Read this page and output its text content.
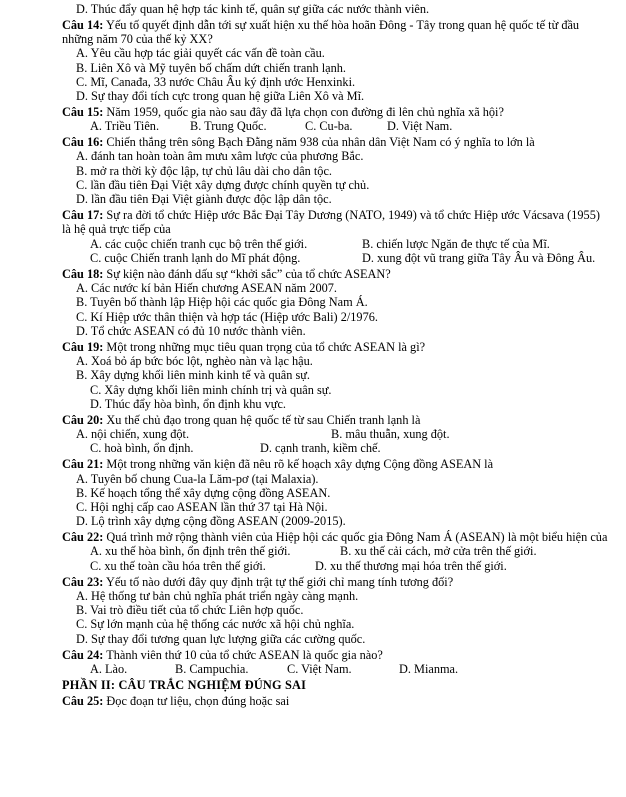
D. Thúc đẩy quan hệ hợp tác kinh tế, quân sự giữa các nước thành viên.
Câu 14: Yếu tố quyết định dẫn tới sự xuất hiện xu thế hòa hoãn Đông - Tây trong quan hệ quốc tế từ đầu những năm 70 của thế kỷ XX?
A. Yêu cầu hợp tác giải quyết các vấn đề toàn cầu.
B. Liên Xô và Mỹ tuyên bố chấm dứt chiến tranh lạnh.
C. Mĩ, Canađa, 33 nước Châu Âu ký định ước Henxinki.
D. Sự thay đổi tích cực trong quan hệ giữa Liên Xô và Mĩ.
Câu 15: Năm 1959, quốc gia nào sau đây đã lựa chọn con đường đi lên chủ nghĩa xã hội?
A. Triều Tiên.	B. Trung Quốc.	C. Cu-ba.	D. Việt Nam.
Câu 16: Chiến thắng trên sông Bạch Đằng năm 938 của nhân dân Việt Nam có ý nghĩa to lớn là
A. đánh tan hoàn toàn âm mưu xâm lược của phương Bắc.
B. mở ra thời kỳ độc lập, tự chủ lâu dài cho dân tộc.
C. lần đầu tiên Đại Việt xây dựng được chính quyền tự chủ.
D. lần đầu tiên Đại Việt giành được độc lập dân tộc.
Câu 17: Sự ra đời tổ chức Hiệp ước Bắc Đại Tây Dương (NATO, 1949) và tổ chức Hiệp ước Vácsava (1955) là hệ quả trực tiếp của
A. các cuộc chiến tranh cục bộ trên thế giới.	B. chiến lược Ngăn đe thực tế của Mĩ.
C. cuộc Chiến tranh lạnh do Mĩ phát động.	D. xung đột vũ trang giữa Tây Âu và Đông Âu.
Câu 18: Sự kiện nào đánh dấu sự “khởi sắc” của tổ chức ASEAN?
A. Các nước kí bản Hiến chương ASEAN năm 2007.
B. Tuyên bố thành lập Hiệp hội các quốc gia Đông Nam Á.
C. Kí Hiệp ước thân thiện và hợp tác (Hiệp ước Bali) 2/1976.
D. Tổ chức ASEAN có đủ 10 nước thành viên.
Câu 19: Một trong những mục tiêu quan trọng của tổ chức ASEAN là gì?
A. Xoá bỏ áp bức bóc lột, nghèo nàn và lạc hậu.
B. Xây dựng khối liên minh kinh tế và quân sự.
C. Xây dựng khối liên minh chính trị và quân sự.
D. Thúc đẩy hòa bình, ổn định khu vực.
Câu 20: Xu thế chủ đạo trong quan hệ quốc tế từ sau Chiến tranh lạnh là
A. nội chiến, xung đột.	B. mâu thuẫn, xung đột.
C. hoà bình, ổn định.	D. cạnh tranh, kiềm chế.
Câu 21: Một trong những văn kiện đã nêu rõ kế hoạch xây dựng Cộng đồng ASEAN là
A. Tuyên bố chung Cua-la Lăm-pơ (tại Malaxia).
B. Kế hoạch tổng thể xây dựng cộng đồng ASEAN.
C. Hội nghị cấp cao ASEAN lần thứ 37 tại Hà Nội.
D. Lộ trình xây dựng cộng đồng ASEAN (2009-2015).
Câu 22: Quá trình mở rộng thành viên của Hiệp hội các quốc gia Đông Nam Á (ASEAN) là một biểu hiện của
A. xu thế hòa bình, ổn định trên thế giới.	B. xu thế cải cách, mở cửa trên thế giới.
C. xu thế toàn cầu hóa trên thế giới.	D. xu thế thương mại hóa trên thế giới.
Câu 23: Yếu tố nào dưới đây quy định trật tự thế giới chỉ mang tính tương đối?
A. Hệ thống tư bản chủ nghĩa phát triển ngày càng mạnh.
B. Vai trò điều tiết của tổ chức Liên hợp quốc.
C. Sự lớn mạnh của hệ thống các nước xã hội chủ nghĩa.
D. Sự thay đổi tương quan lực lượng giữa các cường quốc.
Câu 24: Thành viên thứ 10 của tổ chức ASEAN là quốc gia nào?
A. Lào.	B. Campuchia.	C. Việt Nam.	D. Mianma.
PHẦN II: CÂU TRẮC NGHIỆM ĐÚNG SAI
Câu 25: Đọc đoạn tư liệu, chọn đúng hoặc sai
